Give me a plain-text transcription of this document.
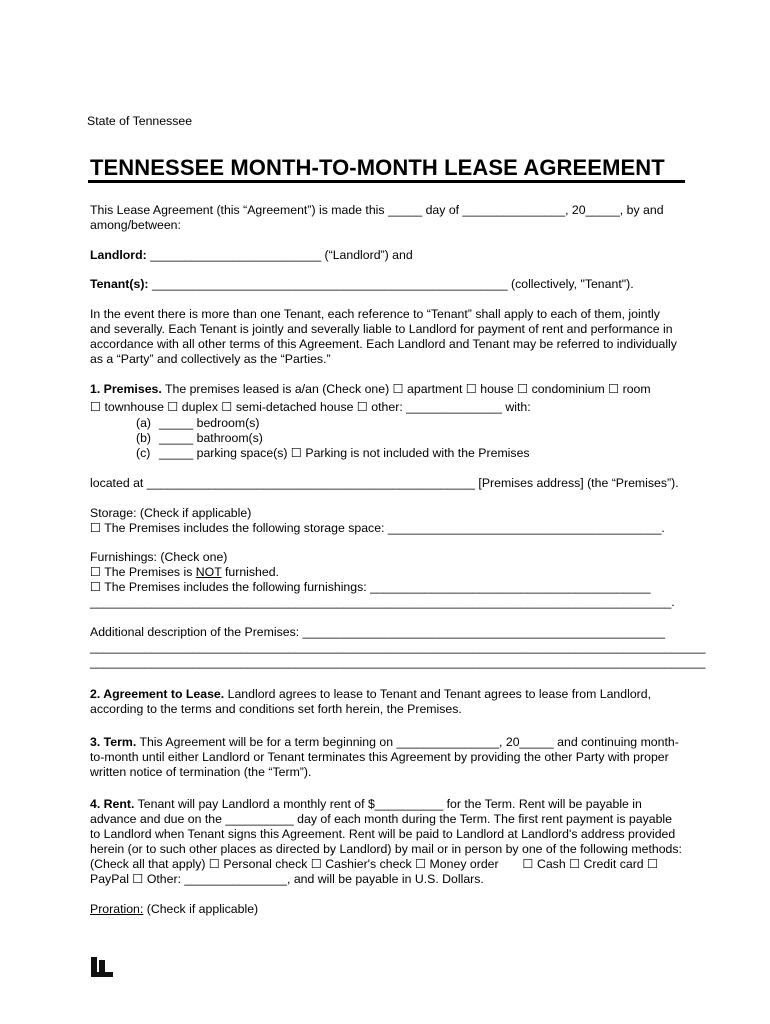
State of Tennessee
TENNESSEE MONTH-TO-MONTH LEASE AGREEMENT
This Lease Agreement (this “Agreement”) is made this _____ day of _______________, 20_____, by and
among/between:
Landlord: _________________________ (“Landlord”) and
Tenant(s): ____________________________________________________ (collectively, "Tenant").
In the event there is more than one Tenant, each reference to “Tenant” shall apply to each of them, jointly and severally. Each Tenant is jointly and severally liable to Landlord for payment of rent and performance in accordance with all other terms of this Agreement. Each Landlord and Tenant may be referred to individually as a “Party” and collectively as the “Parties.”
1. Premises. The premises leased is a/an (Check one) ☐ apartment ☐ house ☐ condominium ☐ room
☐ townhouse ☐ duplex ☐ semi-detached house ☐ other: ______________ with:
(a) _____ bedroom(s)
(b) _____ bathroom(s)
(c) _____ parking space(s) ☐ Parking is not included with the Premises
located at ________________________________________________ [Premises address] (the “Premises”).
Storage: (Check if applicable)
☐ The Premises includes the following storage space: ________________________________________.
Furnishings: (Check one)
☐ The Premises is NOT furnished.
☐ The Premises includes the following furnishings: _________________________________________
_____________________________________________________________________________________.
Additional description of the Premises: _____________________________________________________
__________________________________________________________________________________________
__________________________________________________________________________________________
2. Agreement to Lease. Landlord agrees to lease to Tenant and Tenant agrees to lease from Landlord, according to the terms and conditions set forth herein, the Premises.
3. Term. This Agreement will be for a term beginning on _______________, 20_____ and continuing month-to-month until either Landlord or Tenant terminates this Agreement by providing the other Party with proper written notice of termination (the “Term”).
4. Rent. Tenant will pay Landlord a monthly rent of $__________ for the Term. Rent will be payable in advance and due on the __________ day of each month during the Term. The first rent payment is payable to Landlord when Tenant signs this Agreement. Rent will be paid to Landlord at Landlord's address provided herein (or to such other places as directed by Landlord) by mail or in person by one of the following methods: (Check all that apply) ☐ Personal check ☐ Cashier's check ☐ Money order       ☐ Cash ☐ Credit card ☐ PayPal ☐ Other: _______________, and will be payable in U.S. Dollars.
Proration: (Check if applicable)
